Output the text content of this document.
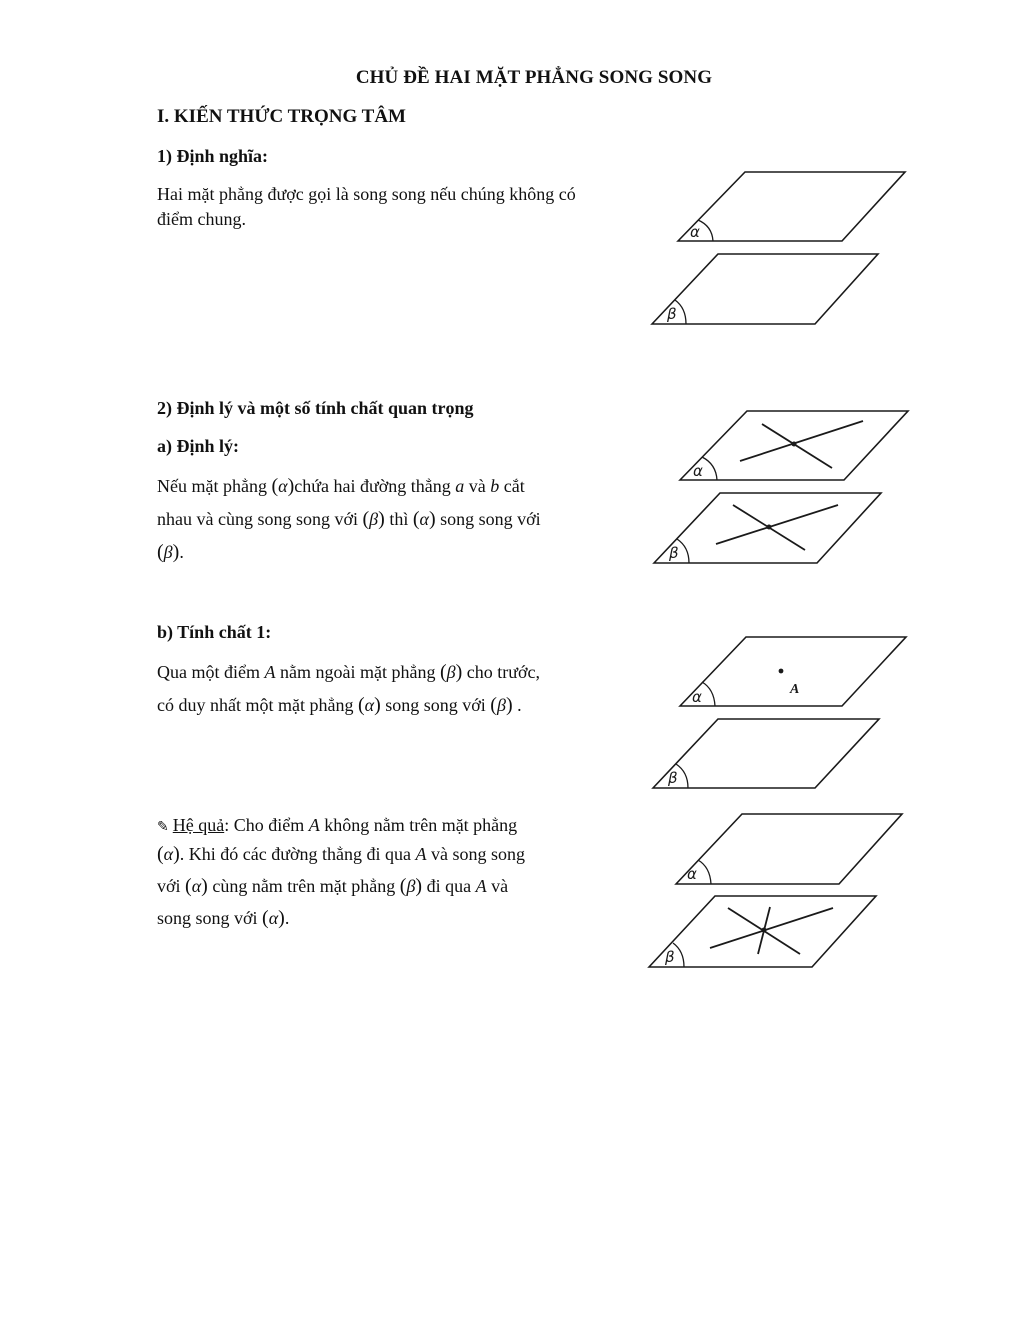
CHỦ ĐỀ HAI MẶT PHẲNG SONG SONG
I. KIẾN THỨC TRỌNG TÂM
1) Định nghĩa:
Hai mặt phẳng được gọi là song song nếu chúng không có
điểm chung.
α
β
2) Định lý và một số tính chất quan trọng
a) Định lý:
Nếu mặt phẳng (α)chứa hai đường thẳng a và b cắt
nhau và cùng song song với (β) thì (α) song song với
(β).
α
β
b) Tính chất 1:
Qua một điểm A nằm ngoài mặt phẳng (β) cho trước,
có duy nhất một mặt phẳng (α) song song với (β) .	α	A
β
✎ Hệ quả: Cho điểm A không nằm trên mặt phẳng
(α). Khi đó các đường thẳng đi qua A và song song
với (α) cùng nằm trên mặt phẳng (β) đi qua A và
song song với (α).
α
β
